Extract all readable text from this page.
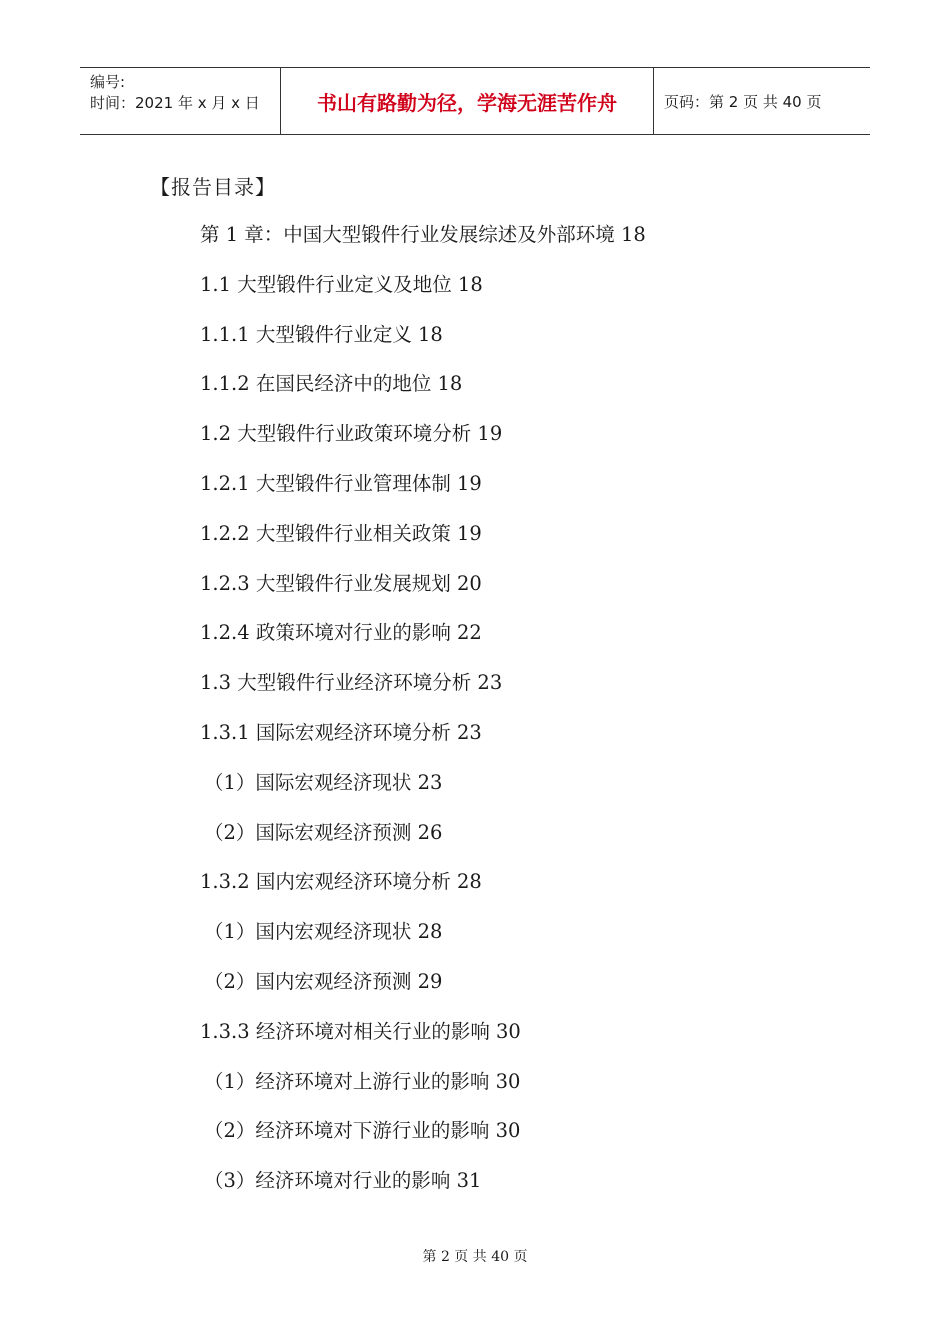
编号:
时间：2021 年 x 月 x 日	书山有路勤为径，学海无涯苦作舟	页码：第 2 页 共 40 页
【报告目录】
第 1 章：中国大型锻件行业发展综述及外部环境 18
1.1 大型锻件行业定义及地位 18
1.1.1 大型锻件行业定义 18
1.1.2 在国民经济中的地位 18
1.2 大型锻件行业政策环境分析 19
1.2.1 大型锻件行业管理体制 19
1.2.2 大型锻件行业相关政策 19
1.2.3 大型锻件行业发展规划 20
1.2.4 政策环境对行业的影响 22
1.3 大型锻件行业经济环境分析 23
1.3.1 国际宏观经济环境分析 23
（1）国际宏观经济现状 23
（2）国际宏观经济预测 26
1.3.2 国内宏观经济环境分析 28
（1）国内宏观经济现状 28
（2）国内宏观经济预测 29
1.3.3 经济环境对相关行业的影响 30
（1）经济环境对上游行业的影响 30
（2）经济环境对下游行业的影响 30
（3）经济环境对行业的影响 31
第 2 页 共 40 页
